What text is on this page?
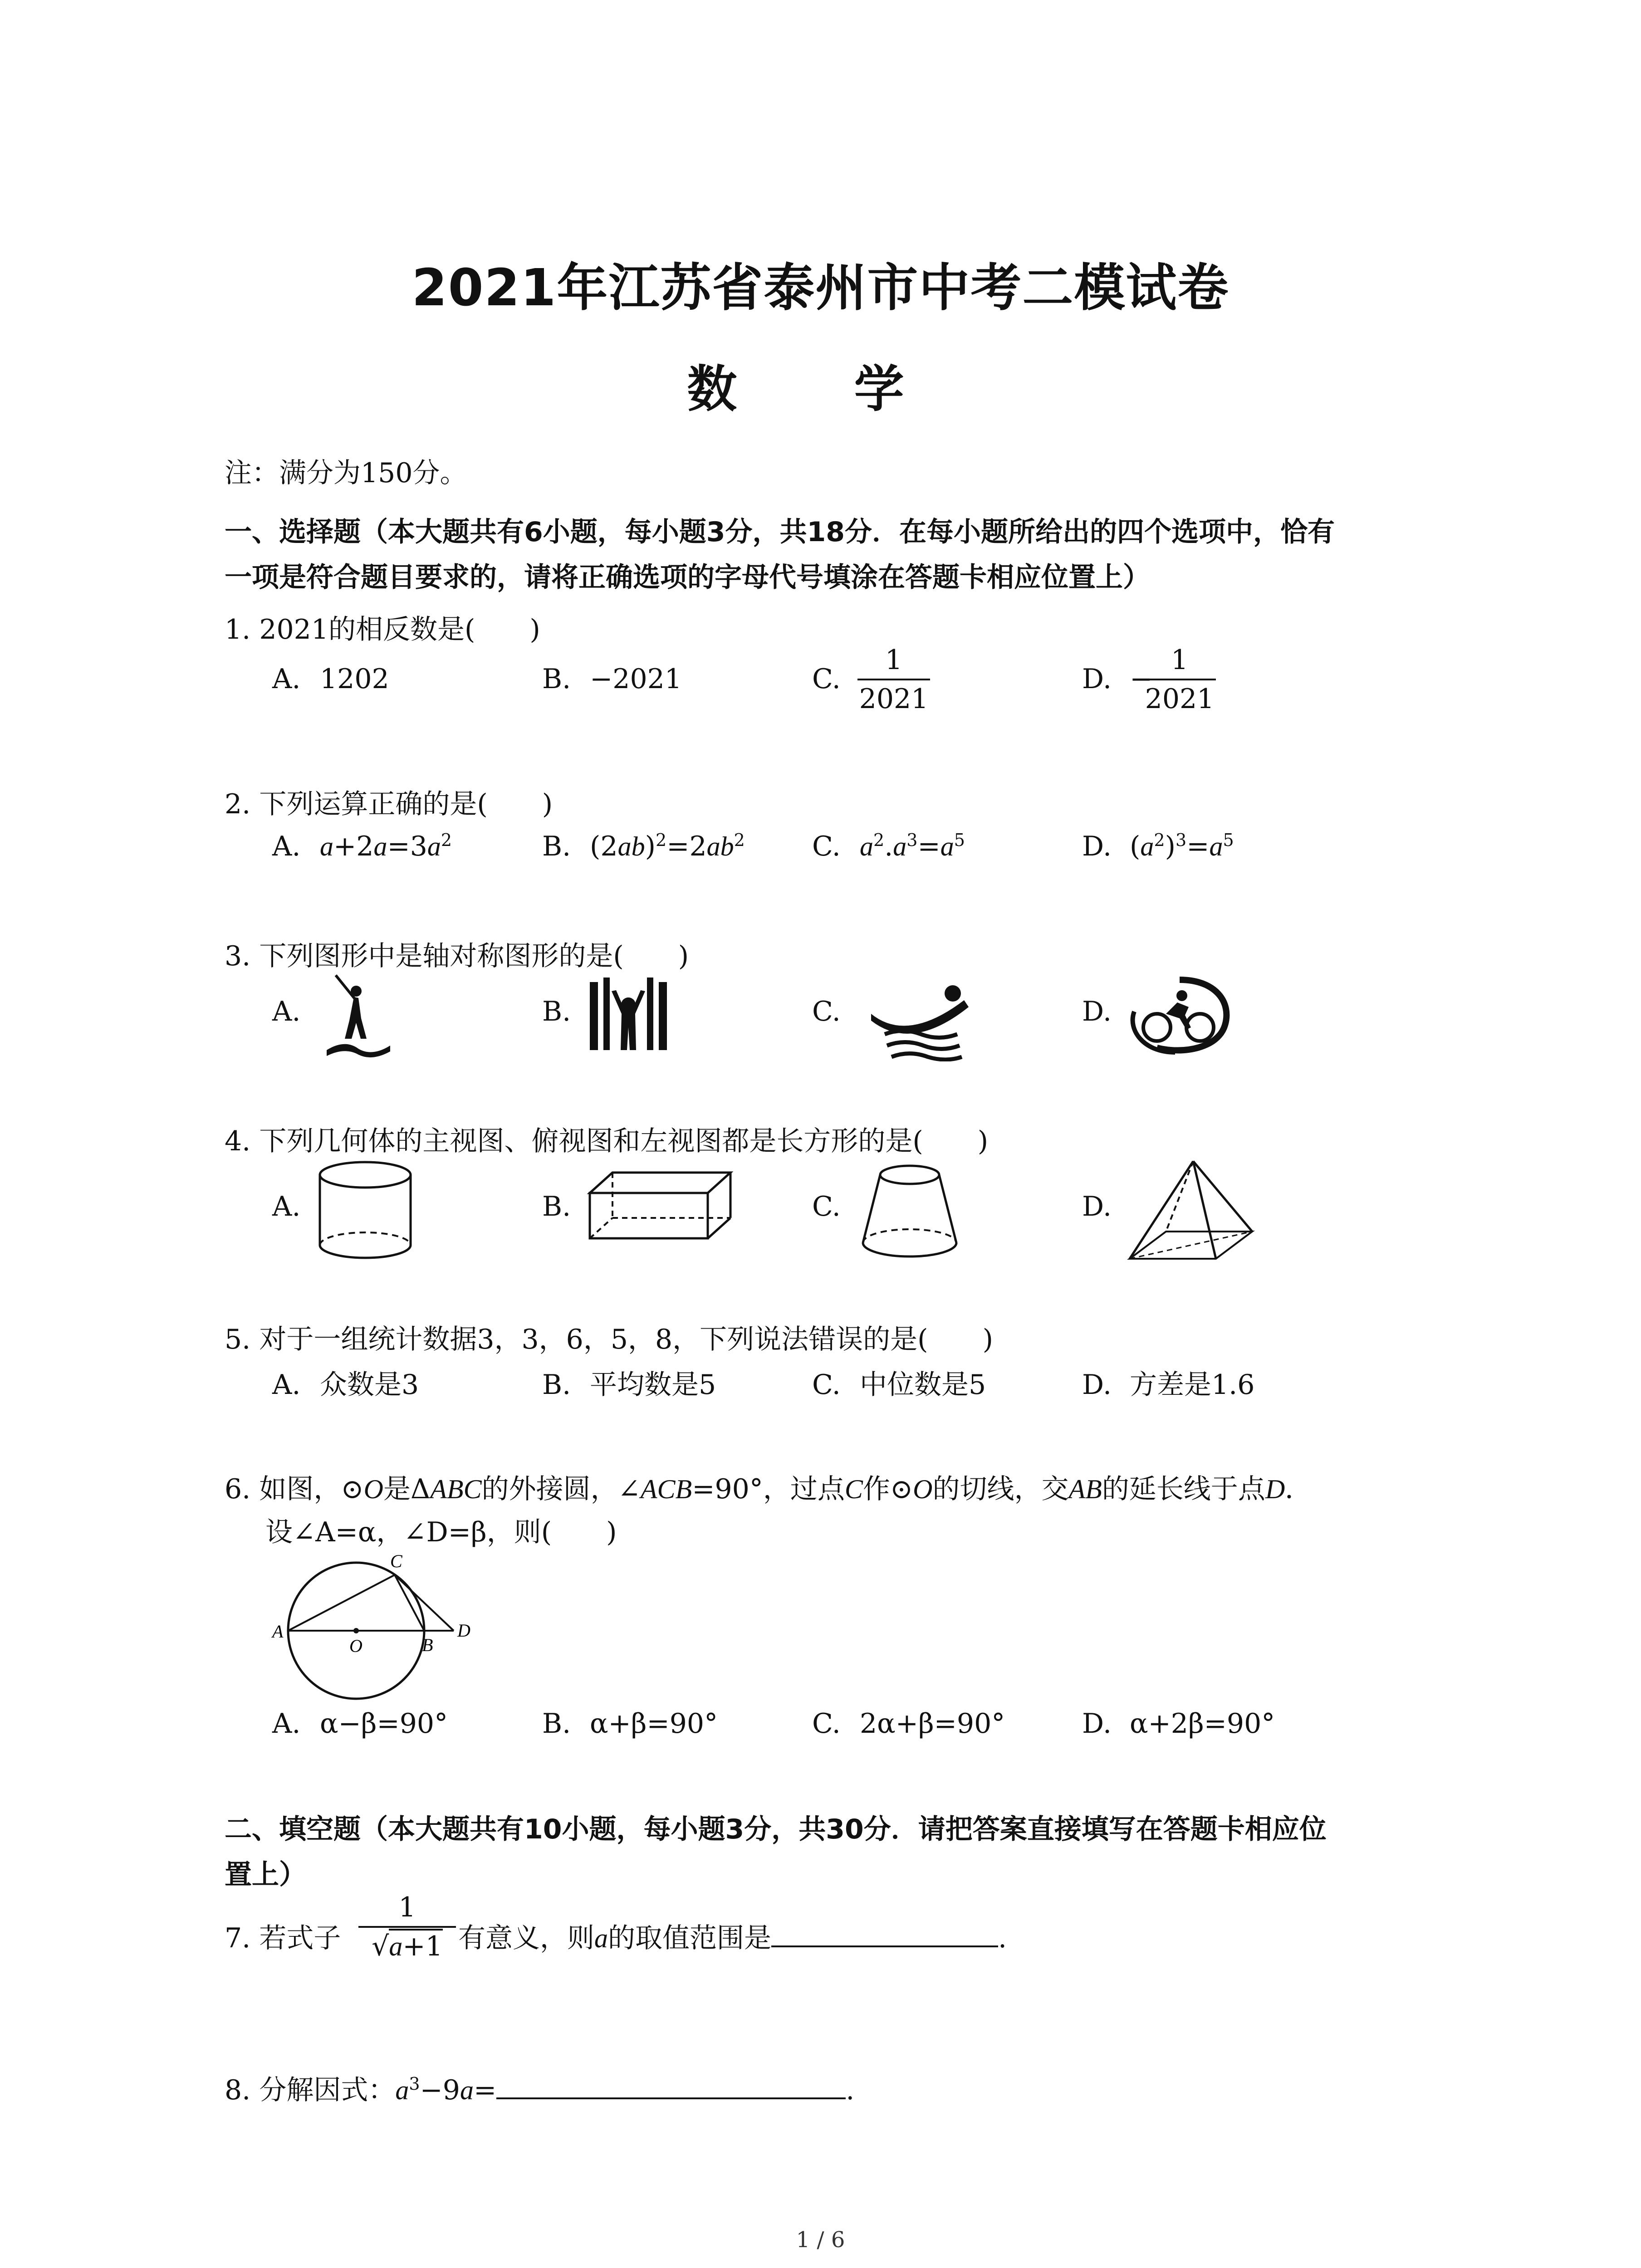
2021年江苏省泰州市中考二模试卷
数 学
注：满分为150分。
一、选择题（本大题共有6小题，每小题3分，共18分．在每小题所给出的四个选项中，恰有
一项是符合题目要求的，请将正确选项的字母代号填涂在答题卡相应位置上）
1. 2021的相反数是(　　)
A. 1202	B. −2021	C.
1
2021
D. −
1
2021
2. 下列运算正确的是(　　)
A. $a+2a=3a^2$	B. $(2ab)^2=2ab^2$ C. $a^2.a^3=a^5$	D. $(a^2)^3=a^5$
3. 下列图形中是轴对称图形的是(　　)
A.	B.	C.	D.
4. 下列几何体的主视图、俯视图和左视图都是长方形的是(　　)
A.	B.	C.	D.
5. 对于一组统计数据3，3，6，5，8，下列说法错误的是(　　)
A. 众数是3	B. 平均数是5	C. 中位数是5	D. 方差是1.6
6. 如图，⊙O是ΔABC的外接圆，∠ACB=90°，过点C作⊙O的切线，交AB的延长线于点D．
设∠A=α，∠D=β，则(　　)
A
O	B
C
D
A. α−β=90°	B. α+β=90°	C. 2α+β=90°	D. α+2β=90°
二、填空题（本大题共有10小题，每小题3分，共30分．请把答案直接填写在答题卡相应位
置上）
7. 若式子
1
√a+1 有意义，则a的取值范围是	.
8. 分解因式：$a^3-9a=$	.
1 / 6
